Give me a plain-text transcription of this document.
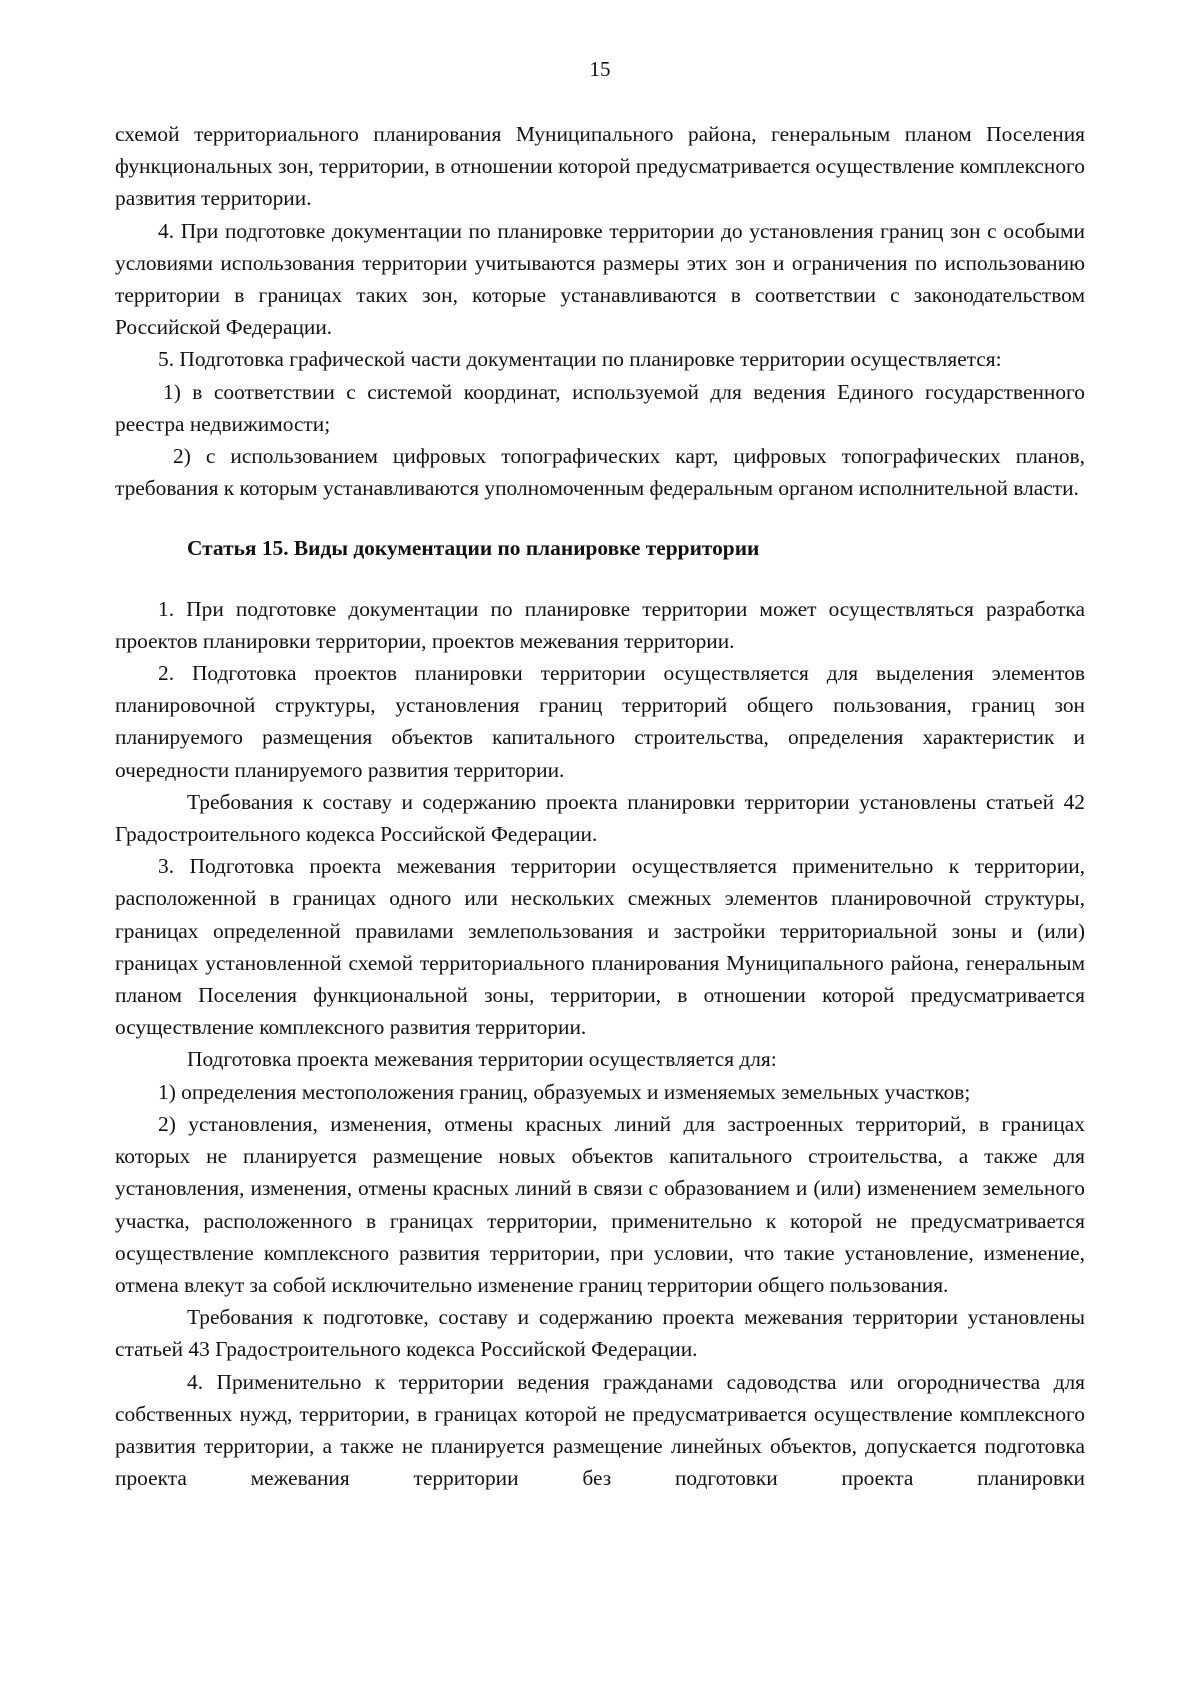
15

схемой территориального планирования Муниципального района, генеральным планом Поселения функциональных зон, территории, в отношении которой предусматривается осуществление комплексного развития территории.

4. При подготовке документации по планировке территории до установления границ зон с особыми условиями использования территории учитываются размеры этих зон и ограничения по использованию территории в границах таких зон, которые устанавливаются в соответствии с законодательством Российской Федерации.

5. Подготовка графической части документации по планировке территории осуществляется:

1) в соответствии с системой координат, используемой для ведения Единого государственного реестра недвижимости;

2) с использованием цифровых топографических карт, цифровых топографических планов, требования к которым устанавливаются уполномоченным федеральным органом исполнительной власти.

Статья 15. Виды документации по планировке территории

1. При подготовке документации по планировке территории может осуществляться разработка проектов планировки территории, проектов межевания территории.

2. Подготовка проектов планировки территории осуществляется для выделения элементов планировочной структуры, установления границ территорий общего пользования, границ зон планируемого размещения объектов капитального строительства, определения характеристик и очередности планируемого развития территории.

Требования к составу и содержанию проекта планировки территории установлены статьей 42 Градостроительного кодекса Российской Федерации.

3. Подготовка проекта межевания территории осуществляется применительно к территории, расположенной в границах одного или нескольких смежных элементов планировочной структуры, границах определенной правилами землепользования и застройки территориальной зоны и (или) границах установленной схемой территориального планирования Муниципального района, генеральным планом Поселения функциональной зоны, территории, в отношении которой предусматривается осуществление комплексного развития территории.

Подготовка проекта межевания территории осуществляется для:

1) определения местоположения границ, образуемых и изменяемых земельных участков;

2) установления, изменения, отмены красных линий для застроенных территорий, в границах которых не планируется размещение новых объектов капитального строительства, а также для установления, изменения, отмены красных линий в связи с образованием и (или) изменением земельного участка, расположенного в границах территории, применительно к которой не предусматривается осуществление комплексного развития территории, при условии, что такие установление, изменение, отмена влекут за собой исключительно изменение границ территории общего пользования.

Требования к подготовке, составу и содержанию проекта межевания территории установлены статьей 43 Градостроительного кодекса Российской Федерации.

4. Применительно к территории ведения гражданами садоводства или огородничества для собственных нужд, территории, в границах которой не предусматривается осуществление комплексного развития территории, а также не планируется размещение линейных объектов, допускается подготовка проекта межевания территории без подготовки проекта планировки
